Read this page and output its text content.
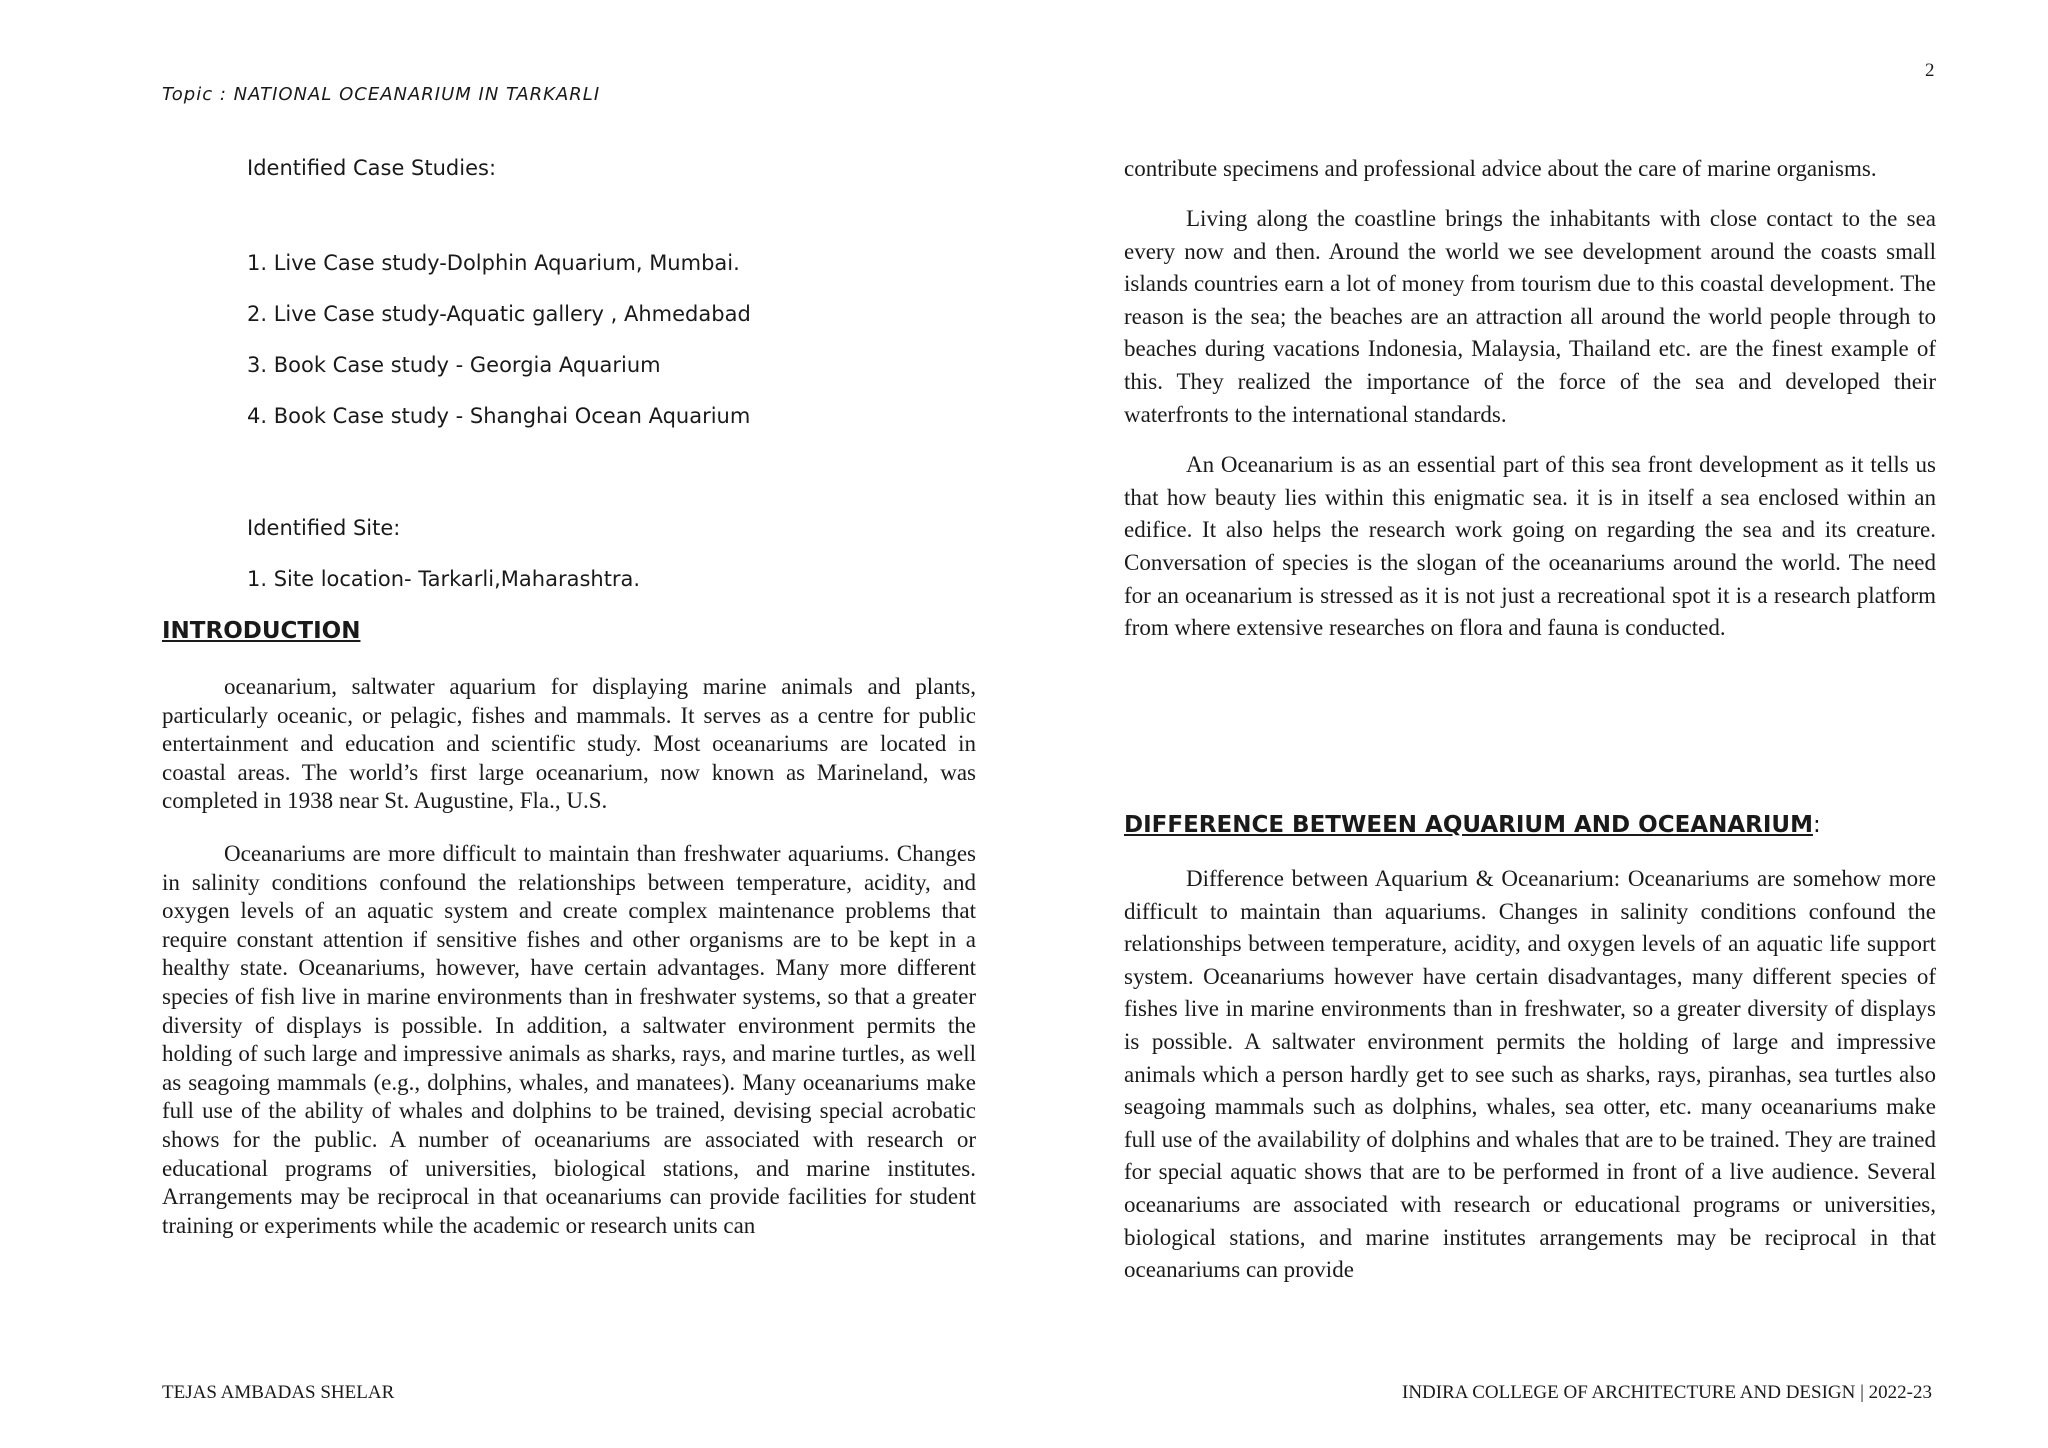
2
Topic : NATIONAL OCEANARIUM IN TARKARLI
Identified Case Studies:
1. Live Case study-Dolphin Aquarium, Mumbai.
2. Live Case study-Aquatic gallery , Ahmedabad
3. Book Case study - Georgia Aquarium
4. Book Case study - Shanghai Ocean Aquarium
Identified Site:
1. Site location- Tarkarli,Maharashtra.
INTRODUCTION

oceanarium, saltwater aquarium for displaying marine animals and plants, particularly oceanic, or pelagic, fishes and mammals. It serves as a centre for public entertainment and education and scientific study. Most oceanariums are located in coastal areas. The world’s first large oceanarium, now known as Marineland, was completed in 1938 near St. Augustine, Fla., U.S.

Oceanariums are more difficult to maintain than freshwater aquariums. Changes in salinity conditions confound the relationships between temperature, acidity, and oxygen levels of an aquatic system and create complex maintenance problems that require constant attention if sensitive fishes and other organisms are to be kept in a healthy state. Oceanariums, however, have certain advantages. Many more different species of fish live in marine environments than in freshwater systems, so that a greater diversity of displays is possible. In addition, a saltwater environment permits the holding of such large and impressive animals as sharks, rays, and marine turtles, as well as seagoing mammals (e.g., dolphins, whales, and manatees). Many oceanariums make full use of the ability of whales and dolphins to be trained, devising special acrobatic shows for the public. A number of oceanariums are associated with research or educational programs of universities, biological stations, and marine institutes. Arrangements may be reciprocal in that oceanariums can provide facilities for student training or experiments while the academic or research units can

contribute specimens and professional advice about the care of marine organisms.

Living along the coastline brings the inhabitants with close contact to the sea every now and then. Around the world we see development around the coasts small islands countries earn a lot of money from tourism due to this coastal development. The reason is the sea; the beaches are an attraction all around the world people through to beaches during vacations Indonesia, Malaysia, Thailand etc. are the finest example of this. They realized the importance of the force of the sea and developed their waterfronts to the international standards.

An Oceanarium is as an essential part of this sea front development as it tells us that how beauty lies within this enigmatic sea. it is in itself a sea enclosed within an edifice. It also helps the research work going on regarding the sea and its creature. Conversation of species is the slogan of the oceanariums around the world. The need for an oceanarium is stressed as it is not just a recreational spot it is a research platform from where extensive researches on flora and fauna is conducted.

DIFFERENCE BETWEEN AQUARIUM AND OCEANARIUM:

Difference between Aquarium & Oceanarium: Oceanariums are somehow more difficult to maintain than aquariums. Changes in salinity conditions confound the relationships between temperature, acidity, and oxygen levels of an aquatic life support system. Oceanariums however have certain disadvantages, many different species of fishes live in marine environments than in freshwater, so a greater diversity of displays is possible. A saltwater environment permits the holding of large and impressive animals which a person hardly get to see such as sharks, rays, piranhas, sea turtles also seagoing mammals such as dolphins, whales, sea otter, etc. many oceanariums make full use of the availability of dolphins and whales that are to be trained. They are trained for special aquatic shows that are to be performed in front of a live audience. Several oceanariums are associated with research or educational programs or universities, biological stations, and marine institutes arrangements may be reciprocal in that oceanariums can provide

TEJAS AMBADAS SHELAR	INDIRA COLLEGE OF ARCHITECTURE AND DESIGN | 2022-23
